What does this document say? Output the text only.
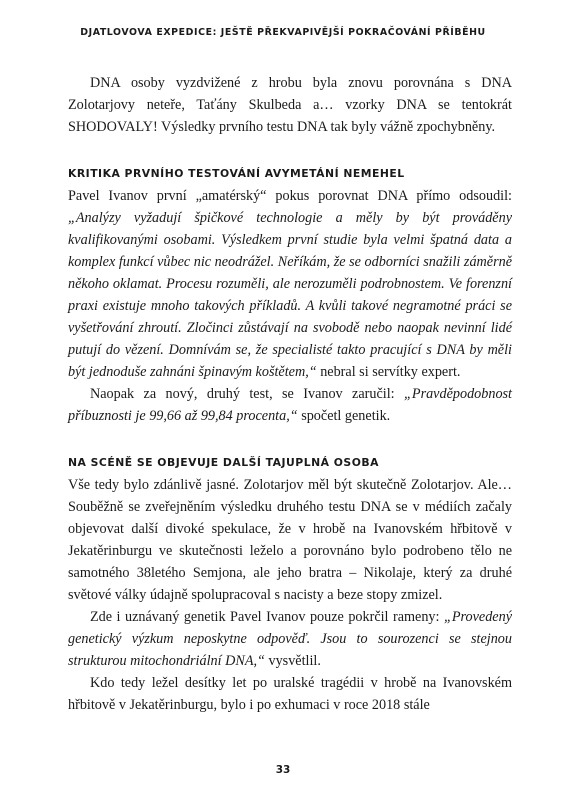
DJATLOVOVA EXPEDICE: JEŠTĚ PŘEKVAPIVĚJŠÍ POKRAČOVÁNÍ PŘÍBĚHU

DNA osoby vyzdvižené z hrobu byla znovu porovnána s DNA Zolotarjovy neteře, Taťány Skulbeda a… vzorky DNA se tentokrát SHODOVALY! Výsledky prvního testu DNA tak byly vážně zpochybněny.

KRITIKA PRVNÍHO TESTOVÁNÍ AVYMETÁNÍ NEMEHEL

Pavel Ivanov první „amatérský“ pokus porovnat DNA přímo odsoudil: „Analýzy vyžadují špičkové technologie a měly by být prováděny kvalifikovanými osobami. Výsledkem první studie byla velmi špatná data a komplex funkcí vůbec nic neodrážel. Neříkám, že se odborníci snažili záměrně někoho oklamat. Procesu rozuměli, ale nerozuměli podrobnostem. Ve forenzní praxi existuje mnoho takových příkladů. A kvůli takové negramotné práci se vyšetřování zhroutí. Zločinci zůstávají na svobodě nebo naopak nevinní lidé putují do vězení. Domnívám se, že specialisté takto pracující s DNA by měli být jednoduše zahnáni špinavým koštětem,“ nebral si servítky expert.

Naopak za nový, druhý test, se Ivanov zaručil: „Pravděpodobnost příbuznosti je 99,66 až 99,84 procenta,“ spočetl genetik.

NA SCÉNĚ SE OBJEVUJE DALŠÍ TAJUPLNÁ OSOBA

Vše tedy bylo zdánlivě jasné. Zolotarjov měl být skutečně Zolotarjov. Ale… Souběžně se zveřejněním výsledku druhého testu DNA se v médiích začaly objevovat další divoké spekulace, že v hrobě na Ivanovském hřbitově v Jekatěrinburgu ve skutečnosti leželo a porovnáno bylo podrobeno tělo ne samotného 38letého Semjona, ale jeho bratra – Nikolaje, který za druhé světové války údajně spolupracoval s nacisty a beze stopy zmizel.

Zde i uznávaný genetik Pavel Ivanov pouze pokrčil rameny: „Provedený genetický výzkum neposkytne odpověď. Jsou to sourozenci se stejnou strukturou mitochondriální DNA,“ vysvětlil.

Kdo tedy ležel desítky let po uralské tragédii v hrobě na Ivanovském hřbitově v Jekatěrinburgu, bylo i po exhumaci v roce 2018 stále

33
